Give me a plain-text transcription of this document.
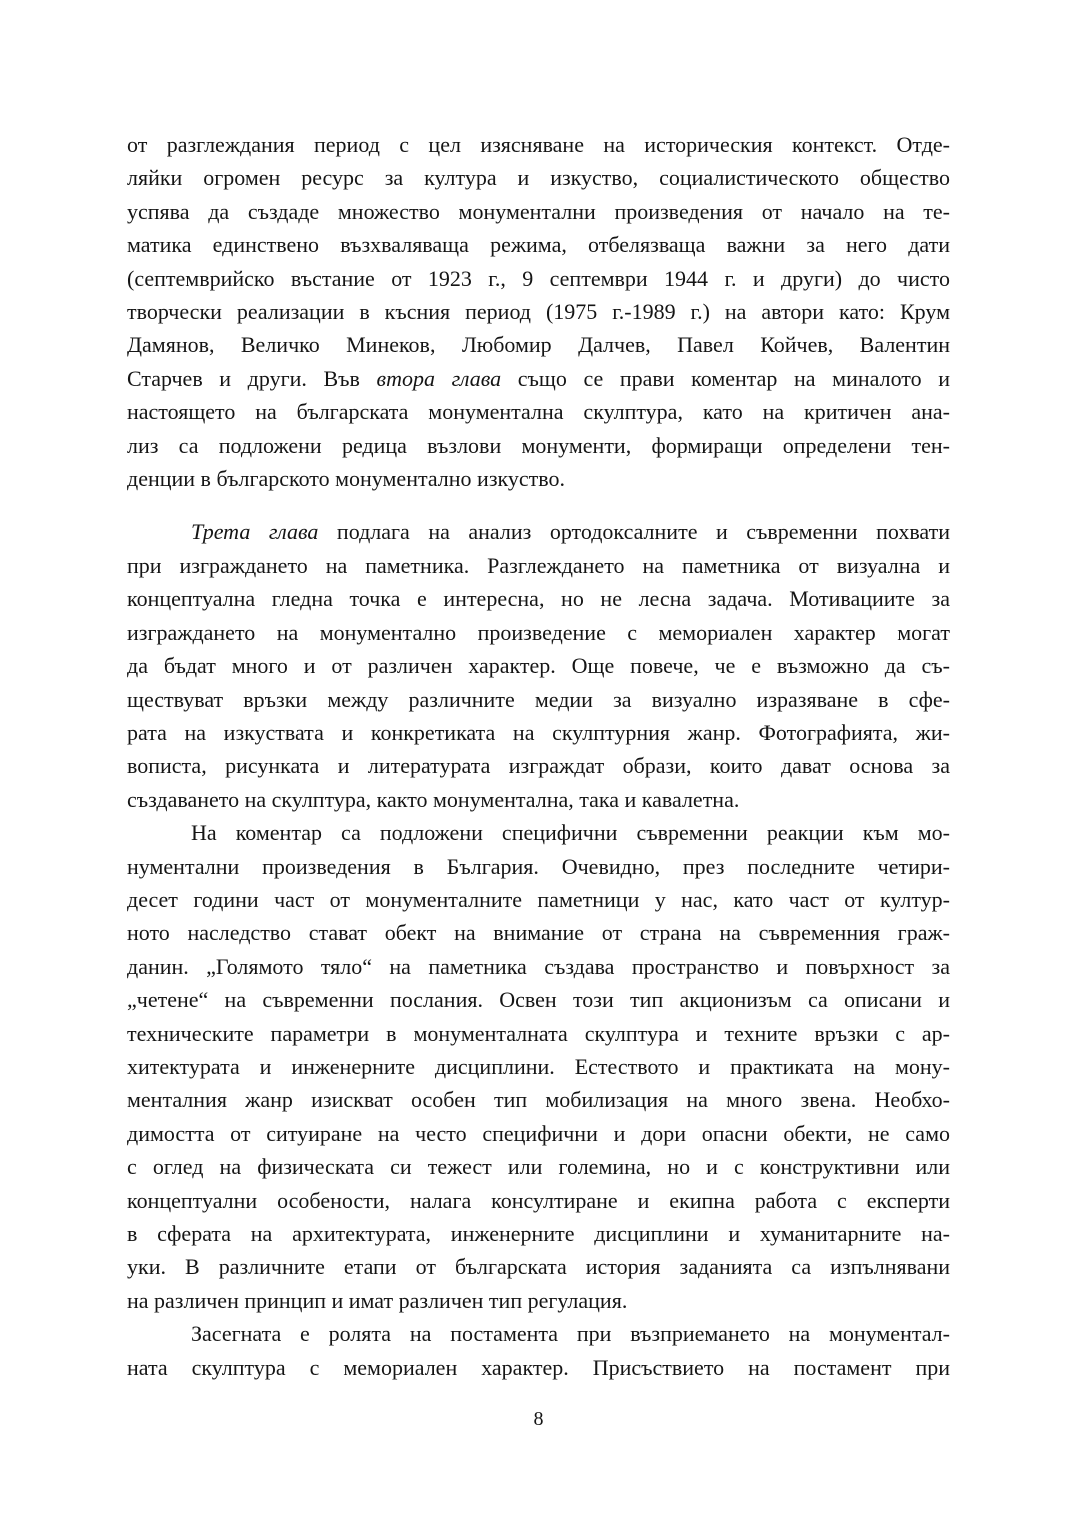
от разглеждания период с цел изясняване на историческия контекст. Отде-
ляйки огромен ресурс за култура и изкуство, социалистическото общество
успява да създаде множество монументални произведения от начало на те-
матика единствено възхваляваща режима, отбелязваща важни за него дати
(септемврийско въстание от 1923 г., 9 септември 1944 г. и други) до чисто
творчески реализации в късния период (1975 г.-1989 г.) на автори като: Крум
Дамянов, Величко Минеков, Любомир Далчев, Павел Койчев, Валентин
Старчев и други. Във втора глава също се прави коментар на миналото и
настоящето на българската монументална скулптура, като на критичен ана-
лиз са подложени редица възлови монументи, формиращи определени тен-
денции в българското монументално изкуство.
Трета глава подлага на анализ ортодоксалните и съвременни похвати
при изграждането на паметника. Разглеждането на паметника от визуална и
концептуална гледна точка е интересна, но не лесна задача. Мотивациите за
изграждането на монументално произведение с мемориален характер могат
да бъдат много и от различен характер. Още повече, че е възможно да съ-
ществуват връзки между различните медии за визуално изразяване в сфе-
рата на изкуствата и конкретиката на скулптурния жанр. Фотографията, жи-
вописта, рисунката и литературата изграждат образи, които дават основа за
създаването на скулптура, както монументална, така и кавалетна.
На коментар са подложени специфични съвременни реакции към мо-
нументални произведения в България. Очевидно, през последните четири-
десет години част от монументалните паметници у нас, като част от култур-
ното наследство стават обект на внимание от страна на съвременния граж-
данин. „Голямото тяло“ на паметника създава пространство и повърхност за
„четене“ на съвременни послания. Освен този тип акционизъм са описани и
техническите параметри в монументалната скулптура и техните връзки с ар-
хитектурата и инженерните дисциплини. Естеството и практиката на мону-
менталния жанр изискват особен тип мобилизация на много звена. Необхо-
димостта от ситуиране на често специфични и дори опасни обекти, не само
с оглед на физическата си тежест или големина, но и с конструктивни или
концептуални особености, налага консултиране и екипна работа с експерти
в сферата на архитектурата, инженерните дисциплини и хуманитарните на-
уки. В различните етапи от българската история заданията са изпълнявани
на различен принцип и имат различен тип регулация.
Засегната е ролята на постамента при възприемането на монументал-
ната скулптура с мемориален характер. Присъствието на постамент при
8
